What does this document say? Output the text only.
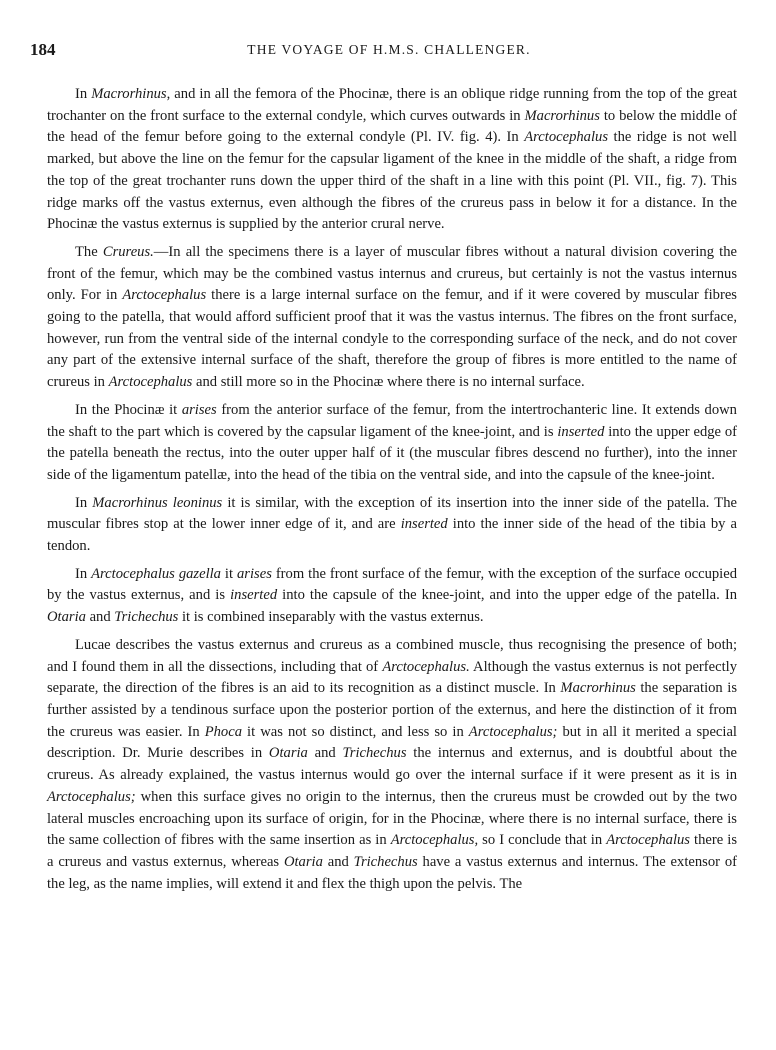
184	THE VOYAGE OF H.M.S. CHALLENGER.

In Macrorhinus, and in all the femora of the Phocinæ, there is an oblique ridge running from the top of the great trochanter on the front surface to the external condyle, which curves outwards in Macrorhinus to below the middle of the head of the femur before going to the external condyle (Pl. IV. fig. 4). In Arctocephalus the ridge is not well marked, but above the line on the femur for the capsular ligament of the knee in the middle of the shaft, a ridge from the top of the great trochanter runs down the upper third of the shaft in a line with this point (Pl. VII., fig. 7). This ridge marks off the vastus externus, even although the fibres of the crureus pass in below it for a distance. In the Phocinæ the vastus externus is supplied by the anterior crural nerve.

The Crureus.—In all the specimens there is a layer of muscular fibres without a natural division covering the front of the femur, which may be the combined vastus internus and crureus, but certainly is not the vastus internus only. For in Arctocephalus there is a large internal surface on the femur, and if it were covered by muscular fibres going to the patella, that would afford sufficient proof that it was the vastus internus. The fibres on the front surface, however, run from the ventral side of the internal condyle to the corresponding surface of the neck, and do not cover any part of the extensive internal surface of the shaft, therefore the group of fibres is more entitled to the name of crureus in Arctocephalus and still more so in the Phocinæ where there is no internal surface.

In the Phocinæ it arises from the anterior surface of the femur, from the intertrochanteric line. It extends down the shaft to the part which is covered by the capsular ligament of the knee-joint, and is inserted into the upper edge of the patella beneath the rectus, into the outer upper half of it (the muscular fibres descend no further), into the inner side of the ligamentum patellæ, into the head of the tibia on the ventral side, and into the capsule of the knee-joint.

In Macrorhinus leoninus it is similar, with the exception of its insertion into the inner side of the patella. The muscular fibres stop at the lower inner edge of it, and are inserted into the inner side of the head of the tibia by a tendon.

In Arctocephalus gazella it arises from the front surface of the femur, with the exception of the surface occupied by the vastus externus, and is inserted into the capsule of the knee-joint, and into the upper edge of the patella. In Otaria and Trichechus it is combined inseparably with the vastus externus.

Lucae describes the vastus externus and crureus as a combined muscle, thus recognising the presence of both; and I found them in all the dissections, including that of Arctocephalus. Although the vastus externus is not perfectly separate, the direction of the fibres is an aid to its recognition as a distinct muscle. In Macrorhinus the separation is further assisted by a tendinous surface upon the posterior portion of the externus, and here the distinction of it from the crureus was easier. In Phoca it was not so distinct, and less so in Arctocephalus; but in all it merited a special description. Dr. Murie describes in Otaria and Trichechus the internus and externus, and is doubtful about the crureus. As already explained, the vastus internus would go over the internal surface if it were present as it is in Arctocephalus; when this surface gives no origin to the internus, then the crureus must be crowded out by the two lateral muscles encroaching upon its surface of origin, for in the Phocinæ, where there is no internal surface, there is the same collection of fibres with the same insertion as in Arctocephalus, so I conclude that in Arctocephalus there is a crureus and vastus externus, whereas Otaria and Trichechus have a vastus externus and internus. The extensor of the leg, as the name implies, will extend it and flex the thigh upon the pelvis. The
